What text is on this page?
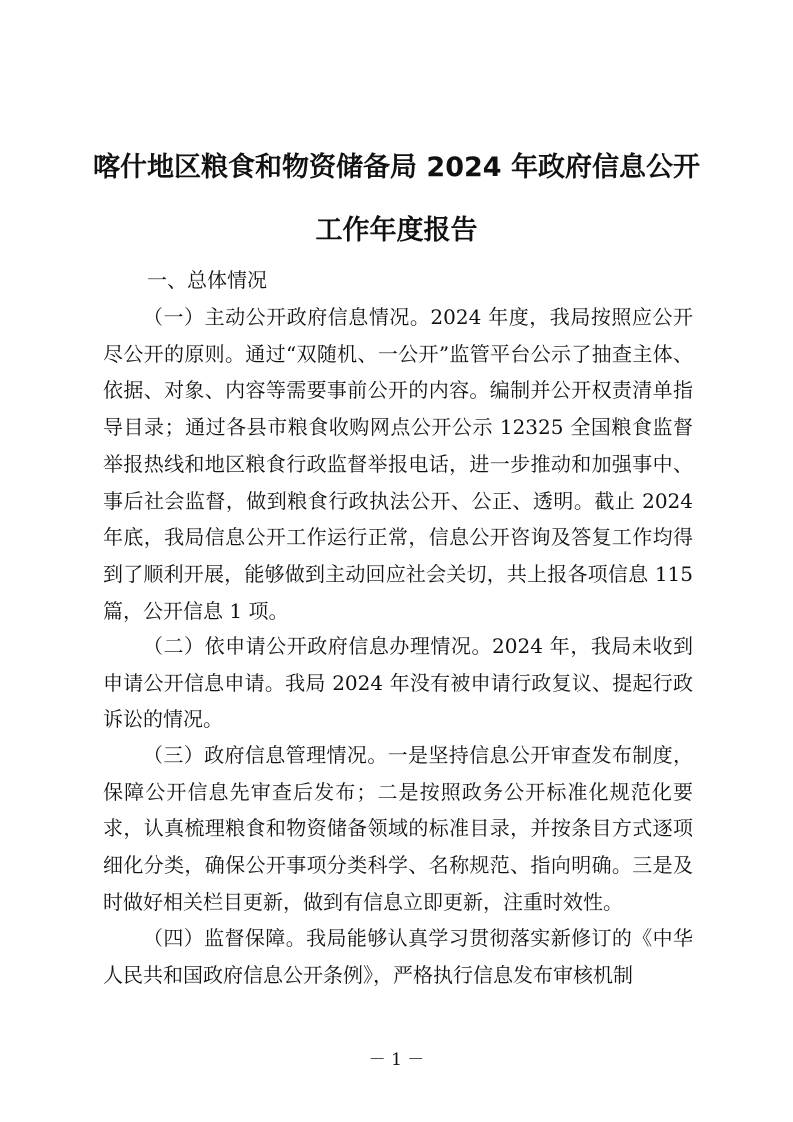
喀什地区粮食和物资储备局 2024 年政府信息公开
工作年度报告
一、总体情况
（一）主动公开政府信息情况。2024 年度，我局按照应公开尽公开的原则。通过“双随机、一公开”监管平台公示了抽查主体、依据、对象、内容等需要事前公开的内容。编制并公开权责清单指导目录；通过各县市粮食收购网点公开公示 12325 全国粮食监督举报热线和地区粮食行政监督举报电话，进一步推动和加强事中、事后社会监督，做到粮食行政执法公开、公正、透明。截止 2024 年底，我局信息公开工作运行正常，信息公开咨询及答复工作均得到了顺利开展，能够做到主动回应社会关切，共上报各项信息 115 篇，公开信息 1 项。
（二）依申请公开政府信息办理情况。2024 年，我局未收到申请公开信息申请。我局 2024 年没有被申请行政复议、提起行政诉讼的情况。
（三）政府信息管理情况。一是坚持信息公开审查发布制度，保障公开信息先审查后发布；二是按照政务公开标准化规范化要求，认真梳理粮食和物资储备领域的标准目录，并按条目方式逐项细化分类，确保公开事项分类科学、名称规范、指向明确。三是及时做好相关栏目更新，做到有信息立即更新，注重时效性。
（四）监督保障。我局能够认真学习贯彻落实新修订的《中华人民共和国政府信息公开条例》，严格执行信息发布审核机制
－ 1 －
